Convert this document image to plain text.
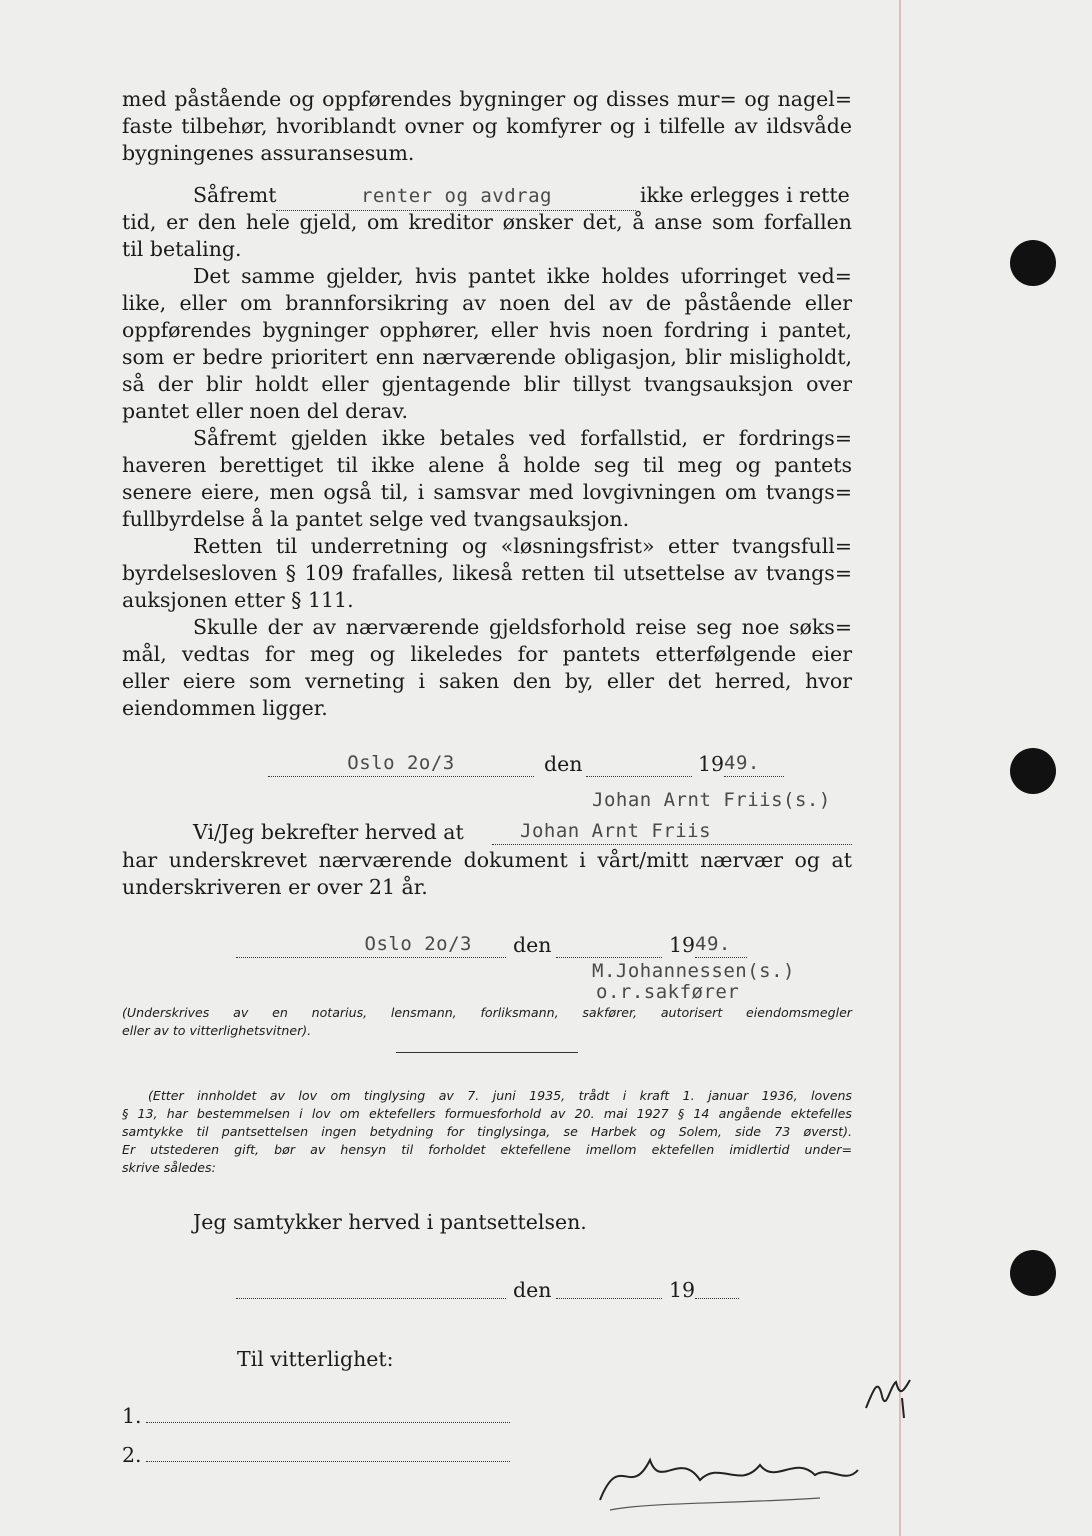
med påstående og oppførendes bygninger og disses mur= og nagel=
faste tilbehør, hvoriblandt ovner og komfyrer og i tilfelle av ildsvåde
bygningenes assuransesum.
Såfremt	renter og avdrag	ikke erlegges i rette
tid, er den hele gjeld, om kreditor ønsker det, å anse som forfallen
til betaling.
Det samme gjelder, hvis pantet ikke holdes uforringet ved=
like, eller om brannforsikring av noen del av de påstående eller
oppførendes bygninger opphører, eller hvis noen fordring i pantet,
som er bedre prioritert enn nærværende obligasjon, blir misligholdt,
så der blir holdt eller gjentagende blir tillyst tvangsauksjon over
pantet eller noen del derav.
Såfremt gjelden ikke betales ved forfallstid, er fordrings=
haveren berettiget til ikke alene å holde seg til meg og pantets
senere eiere, men også til, i samsvar med lovgivningen om tvangs=
fullbyrdelse å la pantet selge ved tvangsauksjon.
Retten til underretning og «løsningsfrist» etter tvangsfull=
byrdelsesloven § 109 frafalles, likeså retten til utsettelse av tvangs=
auksjonen etter § 111.
Skulle der av nærværende gjeldsforhold reise seg noe søks=
mål, vedtas for meg og likeledes for pantets etterfølgende eier
eller eiere som verneting i saken den by, eller det herred, hvor
eiendommen ligger.
Oslo 2o/3	den	19 49.
Johan Arnt Friis(s.)
Vi/Jeg bekrefter herved at	Johan Arnt Friis
har underskrevet nærværende dokument i vårt/mitt nærvær og at
underskriveren er over 21 år.
Oslo 2o/3	den	19 49.
M.Johannessen(s.)
o.r.sakfører
(Underskrives av en notarius, lensmann, forliksmann, sakfører, autorisert eiendomsmegler
eller av to vitterlighetsvitner).
(Etter innholdet av lov om tinglysing av 7. juni 1935, trådt i kraft 1. januar 1936, lovens
§ 13, har bestemmelsen i lov om ektefellers formuesforhold av 20. mai 1927 § 14 angående ektefelles
samtykke til pantsettelsen ingen betydning for tinglysinga, se Harbek og Solem, side 73 øverst).
Er utstederen gift, bør av hensyn til forholdet ektefellene imellom ektefellen imidlertid under=
skrive således:
Jeg samtykker herved i pantsettelsen.
den	19
Til vitterlighet:
1.
2.
